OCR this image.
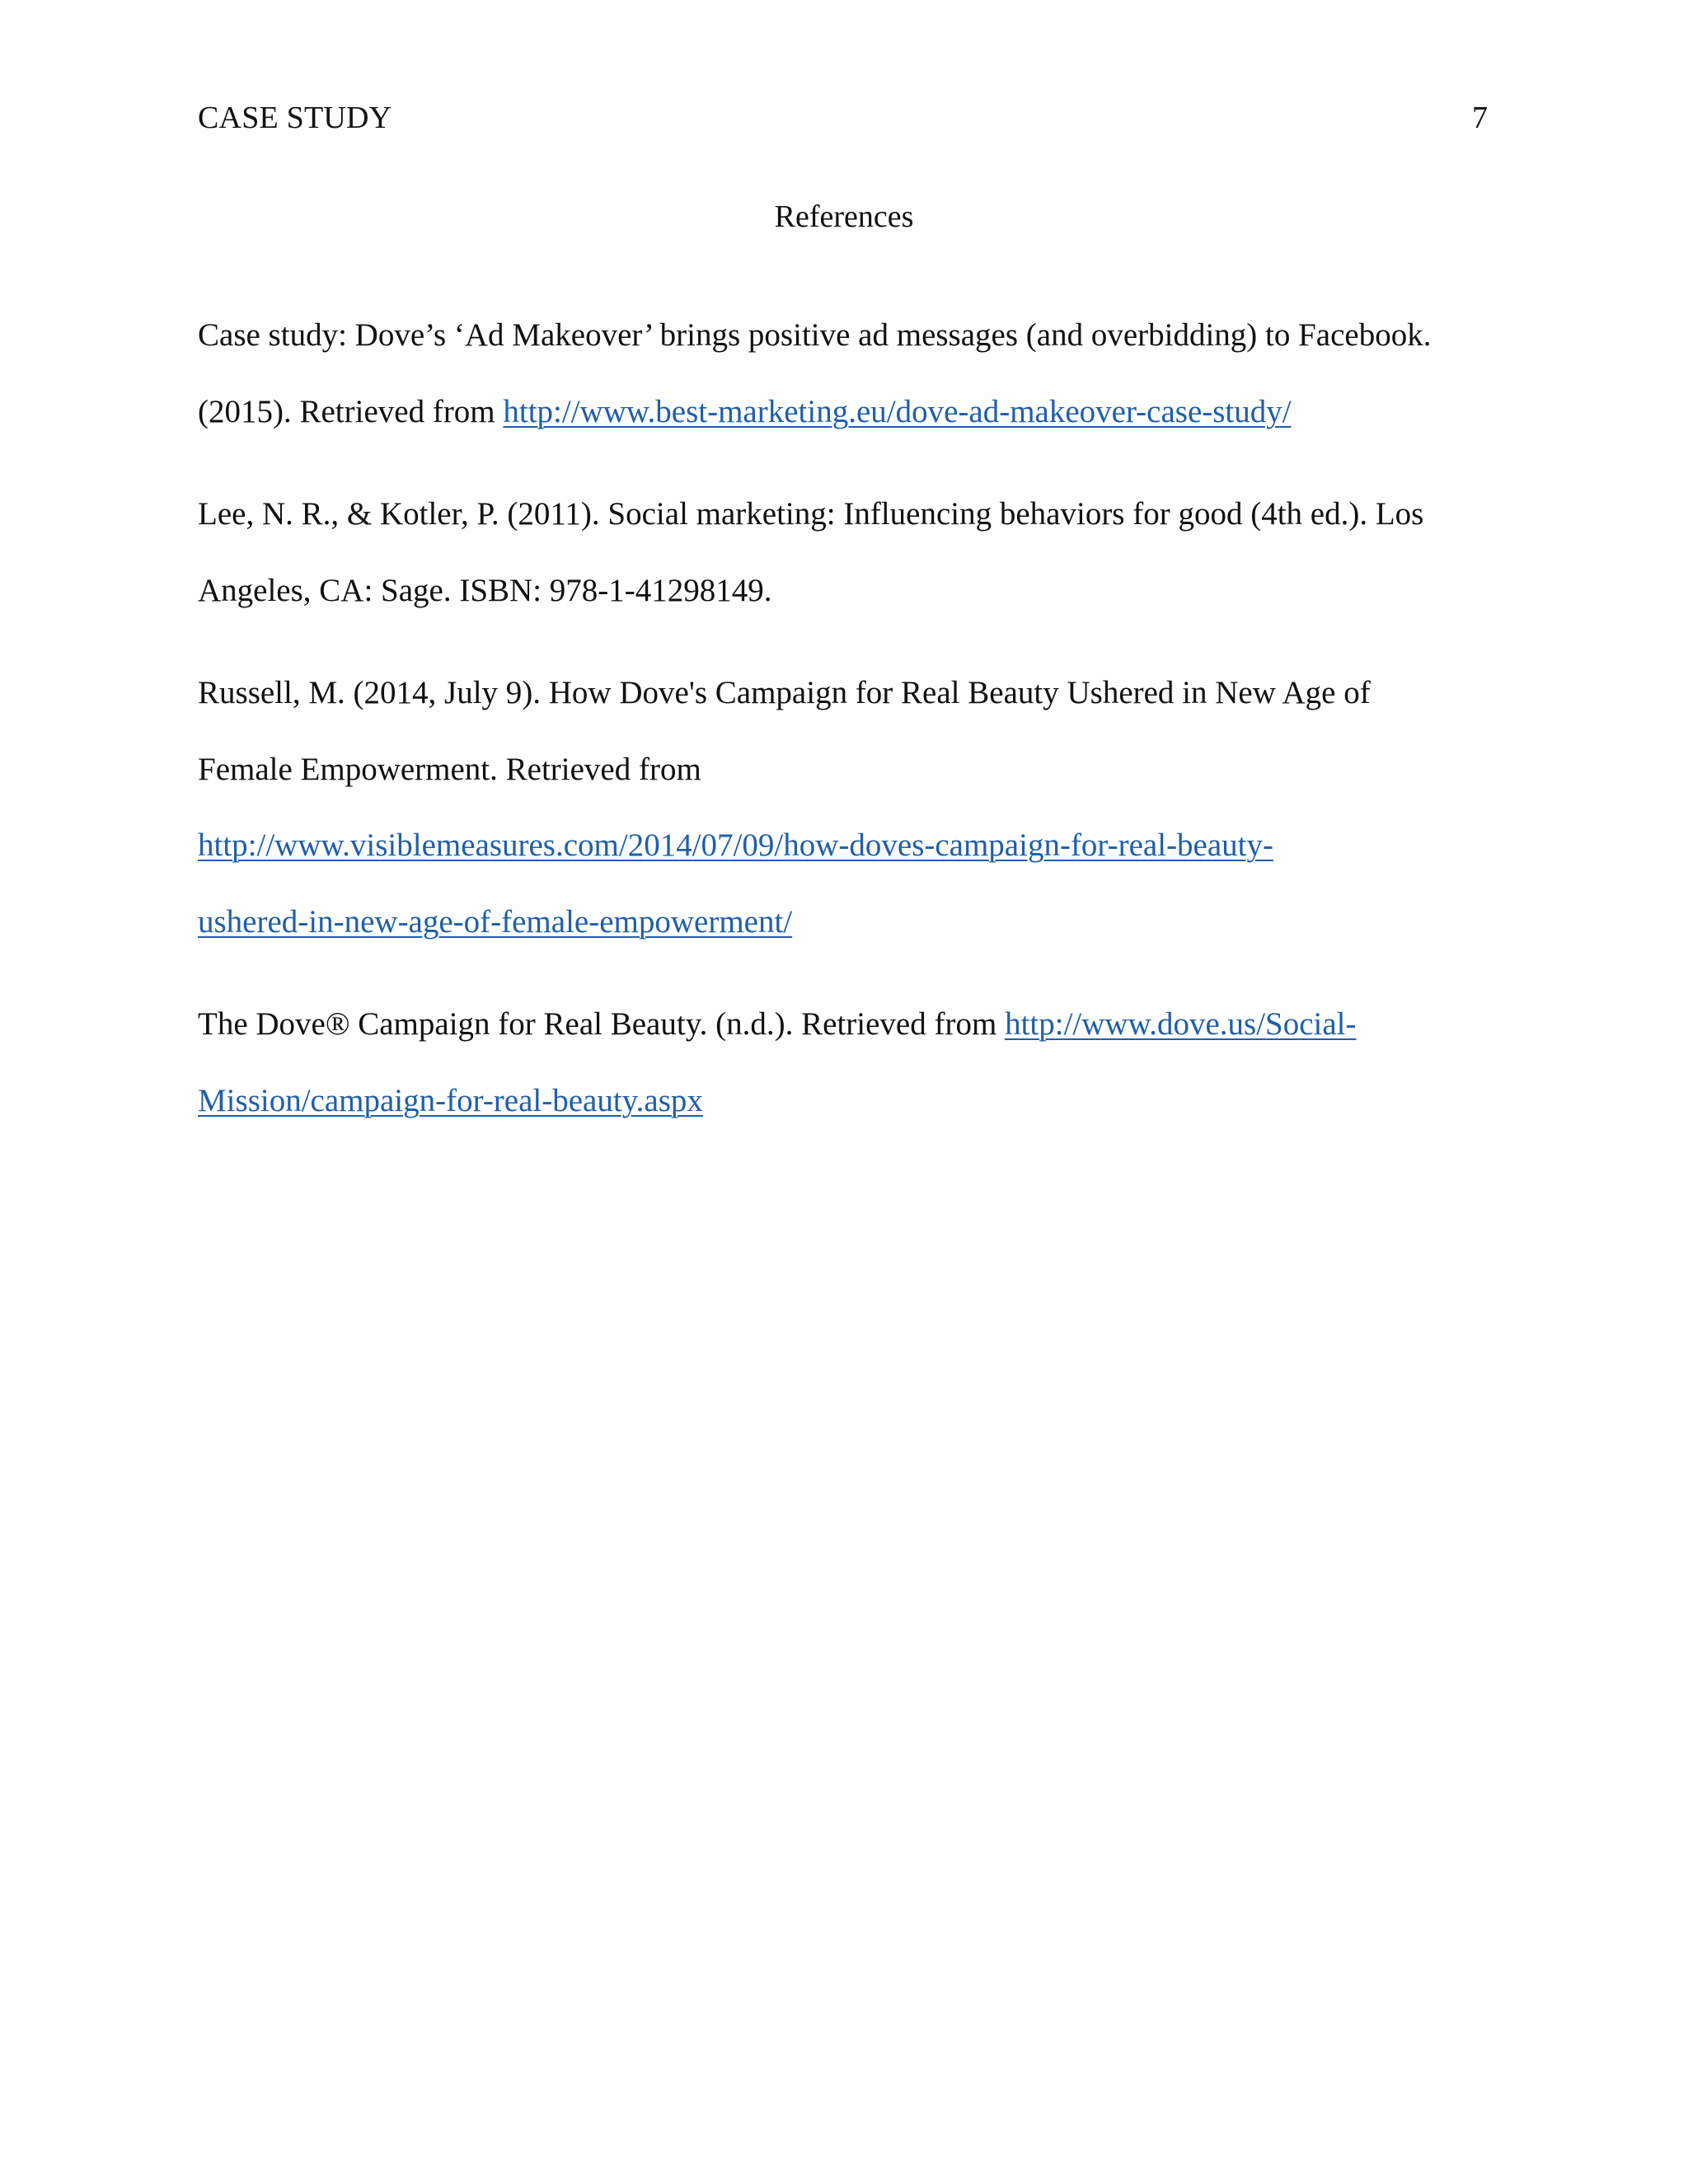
CASE STUDY	7
References
Case study: Dove’s ‘Ad Makeover’ brings positive ad messages (and overbidding) to Facebook.
(2015). Retrieved from http://www.best-marketing.eu/dove-ad-makeover-case-study/
Lee, N. R., & Kotler, P. (2011). Social marketing: Influencing behaviors for good (4th ed.). Los
Angeles, CA: Sage. ISBN: 978-1-41298149.
Russell, M. (2014, July 9). How Dove's Campaign for Real Beauty Ushered in New Age of
Female Empowerment. Retrieved from
http://www.visiblemeasures.com/2014/07/09/how-doves-campaign-for-real-beauty-
ushered-in-new-age-of-female-empowerment/
The Dove® Campaign for Real Beauty. (n.d.). Retrieved from http://www.dove.us/Social-
Mission/campaign-for-real-beauty.aspx
